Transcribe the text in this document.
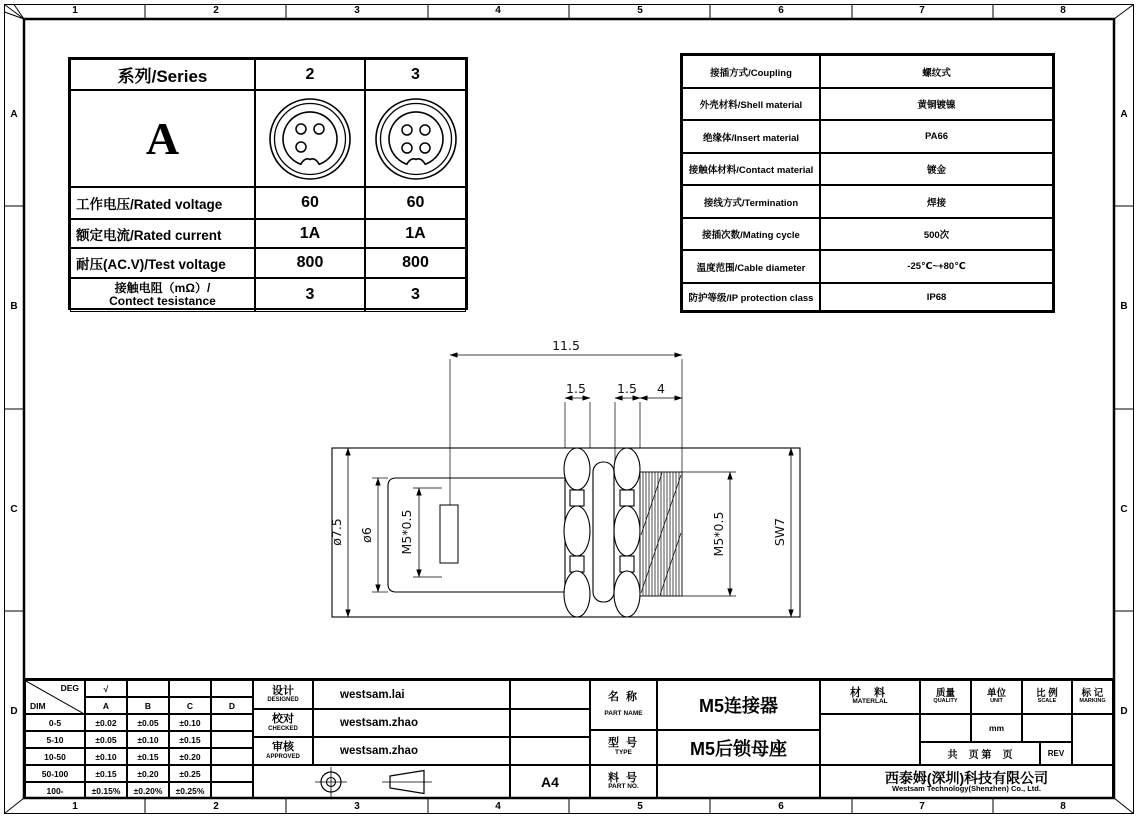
1	2	3	4	5	6	7	8
1	2	3	4	5	6	7	8
A
B
C
D
A
B
C
D
系列/Series	2	3
A
工作电压/Rated voltage	60	60
额定电流/Rated current	1A	1A
耐压(AC.V)/Test voltage	800	800
接触电阻（mΩ）/
Contect tesistance	3	3
接插方式/Coupling	螺纹式
外壳材料/Shell material	黄铜镀镍
绝缘体/Insert material	PA66
接触体材料/Contact material	镀金
接线方式/Termination	焊接
接插次数/Mating cycle	500次
温度范围/Cable diameter	-25℃~+80℃
防护等级/IP protection class	IP68
11.5
1.5 1.5 4
ø7.5 ø6 M5*0.5	M5*0.5	SW7
DEG
DIM
√
A	B	C	D
0-5	±0.02	±0.05	±0.10
5-10	±0.05	±0.10	±0.15
10-50	±0.10	±0.15	±0.20
50-100	±0.15	±0.20	±0.25
100-	±0.15%	±0.20%	±0.25%
设计
DESIGNED	westsam.lai
校对
CHECKED	westsam.zhao
审核
APPROVED	westsam.zhao
A4
名 称
PART NAME	M5连接器
型 号
TYPE	M5后锁母座
料 号
PART NO.
材 料
MATERLAL
质量
QUALITY
单位
UNIT
比 例
SCALE
标 记
MARKING
mm
共    页 第    页	REV
西泰姆(深圳)科技有限公司
Westsam Technology(Shenzhen) Co., Ltd.
